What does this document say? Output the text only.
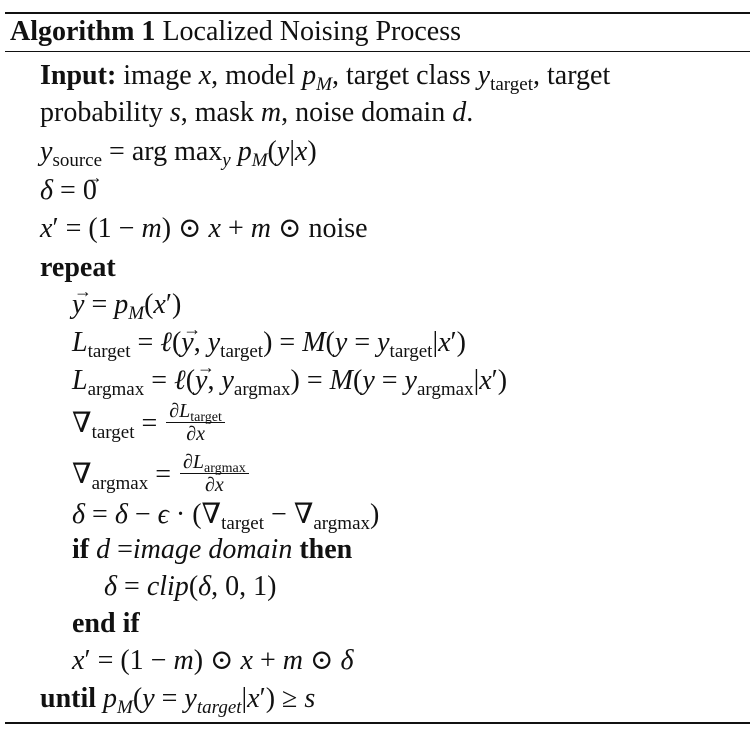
Algorithm 1 Localized Noising Process
Input: image x, model $p_M$, target class $y_{target}$, target
probability s, mask m, noise domain d.
$y_{source}$ = arg $\max_y p_M(y|x)$
δ = → 0
x′ = (1 − m) ⊙ x + m ⊙ noise
repeat
→ $y = p_M(x')$
$L_{target}$ = ℓ(→ y, $y_{target}) = M(y = y_{target}|x')$
$L_{argmax}$ = ℓ(→ y, $y_{argmax}) = M(y = y_{argmax}|x')$
$\nabla_{target} = \frac{\partial L_{target}}{\partial x}$
$\nabla_{argmax} = \frac{\partial L_{argmax}}{\partial x}$
$\delta = \delta - \epsilon \cdot (\nabla_{target} - \nabla_{argmax})$
if d =image domain then
δ = clip(δ, 0, 1)
end if
x′ = (1 − m) ⊙ x + m ⊙ δ
until $p_M(y = y_{target}|x') \ge s$
